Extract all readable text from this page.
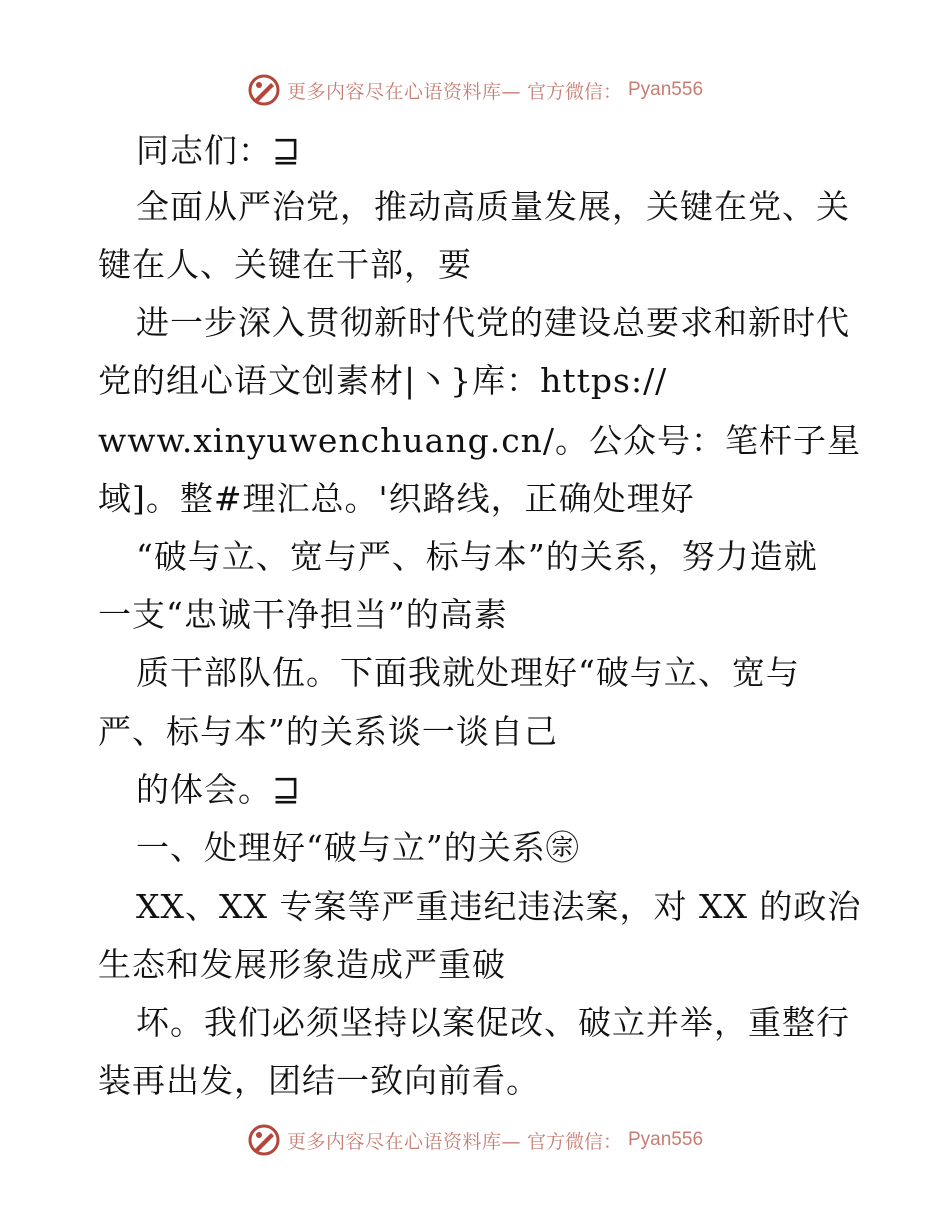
更多内容尽在心语资料库— 官方微信： Pyan556
同志们：⊒
全面从严治党，推动高质量发展，关键在党、关
键在人、关键在干部，要
进一步深入贯彻新时代党的建设总要求和新时代
党的组心语文创素材|丶}库：https://
www.xinyuwenchuang.cn/。公众号：笔杆子星
域]。整#理汇总。'织路线，正确处理好
“破与立、宽与严、标与本”的关系，努力造就
一支“忠诚干净担当”的高素
质干部队伍。下面我就处理好“破与立、宽与
严、标与本”的关系谈一谈自己
的体会。⊒
一、处理好“破与立”的关系㊪
XX、XX 专案等严重违纪违法案，对 XX 的政治
生态和发展形象造成严重破
坏。我们必须坚持以案促改、破立并举，重整行
装再出发，团结一致向前看。
更多内容尽在心语资料库— 官方微信： Pyan556
